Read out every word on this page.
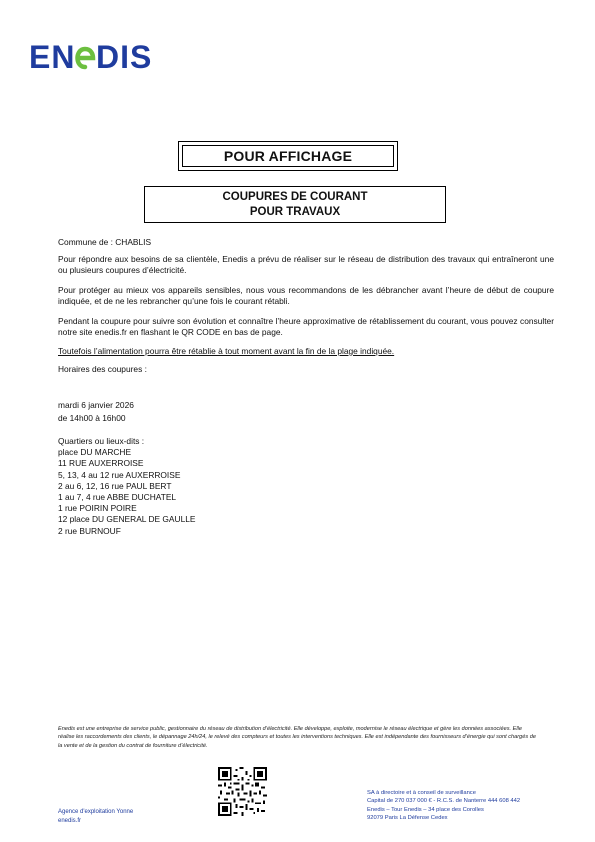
EN DIS
POUR AFFICHAGE
COUPURES DE COURANT
POUR TRAVAUX
Commune de : CHABLIS
Pour répondre aux besoins de sa clientèle, Enedis a prévu de réaliser sur le réseau de distribution des travaux qui entraîneront une ou plusieurs coupures d’électricité.
Pour protéger au mieux vos appareils sensibles, nous vous recommandons de les débrancher avant l’heure de début de coupure indiquée, et de ne les rebrancher qu’une fois le courant rétabli.
Pendant la coupure pour suivre son évolution et connaître l’heure approximative de rétablissement du courant, vous pouvez consulter notre site enedis.fr en flashant le QR CODE en bas de page.
Toutefois l’alimentation pourra être rétablie à tout moment avant la fin de la plage indiquée.
Horaires des coupures :
mardi 6 janvier 2026
de 14h00 à 16h00
Quartiers ou lieux-dits :
place DU MARCHE
11 RUE AUXERROISE
5, 13, 4 au 12 rue AUXERROISE
2 au 6, 12, 16 rue PAUL BERT
1 au 7, 4 rue ABBE DUCHATEL
1 rue POIRIN POIRE
12 place DU GENERAL DE GAULLE
2 rue BURNOUF
Enedis est une entreprise de service public, gestionnaire du réseau de distribution d’électricité. Elle développe, exploite, modernise le réseau électrique et gère les données associées. Elle réalise les raccordements des clients, le dépannage 24h/24, le relevé des compteurs et toutes les interventions techniques. Elle est indépendante des fournisseurs d’énergie qui sont chargés de la vente et de la gestion du contrat de fourniture d’électricité.
Agence d'exploitation Yonne
enedis.fr
SA à directoire et à conseil de surveillance
Capital de 270 037 000 € - R.C.S. de Nanterre 444 608 442
Enedis – Tour Enedis – 34 place des Corolles
92079 Paris La Défense Cedex
